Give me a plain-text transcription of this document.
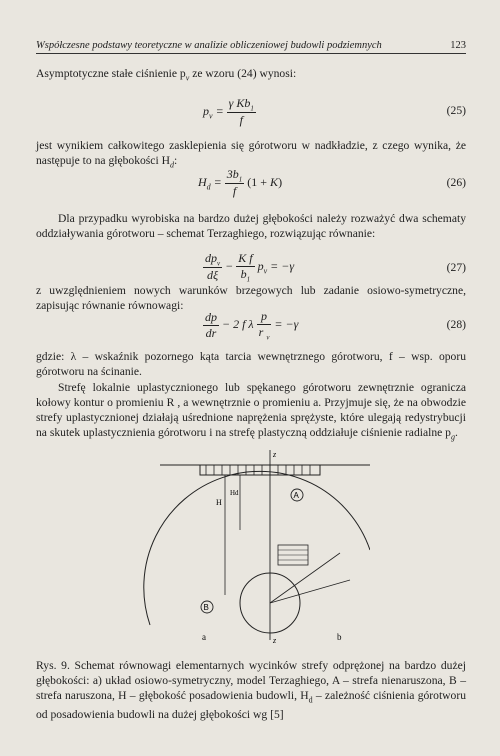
Współczesne podstawy teoretyczne w analizie obliczeniowej budowli podziemnych	123
Asymptotyczne stałe ciśnienie $p_v$ ze wzoru (24) wynosi:
$p_v = \frac{\gamma Kb_1}{f}$	(25)
jest wynikiem całkowitego zasklepienia się górotworu w nadkładzie, z czego wynika, że następuje to na głębokości $H_d$:
$H_d = \frac{3b_1}{f} (1 + K)$	(26)
Dla przypadku wyrobiska na bardzo dużej głębokości należy rozważyć dwa schematy oddziaływania górotworu – schemat Terzaghiego, rozwiązując równanie:
$\frac{dp_v}{d\xi} - \frac{\text{K f}}{b_1} p_v = -\gamma$	(27)
z uwzględnieniem nowych warunków brzegowych lub zadanie osiowo-symetryczne, zapisując równanie równowagi:
$\frac{dp}{dr} - 2$ f λ $\frac{p}{r _v} = -\gamma$	(28)
gdzie: λ – wskaźnik pozornego kąta tarcia wewnętrznego górotworu, f – wsp. oporu górotworu na ścinanie.
Strefę lokalnie uplastycznionego lub spękanego górotworu zewnętrznie ogranicza kołowy kontur o promieniu R , a wewnętrznie o promieniu a. Przyjmuje się, że na obwodzie strefy uplastycznionej działają uśrednione naprężenia sprężyste, które ulegają redystrybucji na skutek uplastycznienia górotworu i na strefę plastyczną oddziałuje ciśnienie radialne $p_g$.
z
z
H
Hd	A
B
a	b
Rys. 9. Schemat równowagi elementarnych wycinków strefy odprężonej na bardzo dużej głębokości: a) układ osiowo-symetryczny, model Terzaghiego, A – strefa nienaruszona, B – strefa naruszona, H – głębokość posadowienia budowli, $H_d$ – zależność ciśnienia górotworu od posadowienia budowli na dużej głębokości wg [5]
